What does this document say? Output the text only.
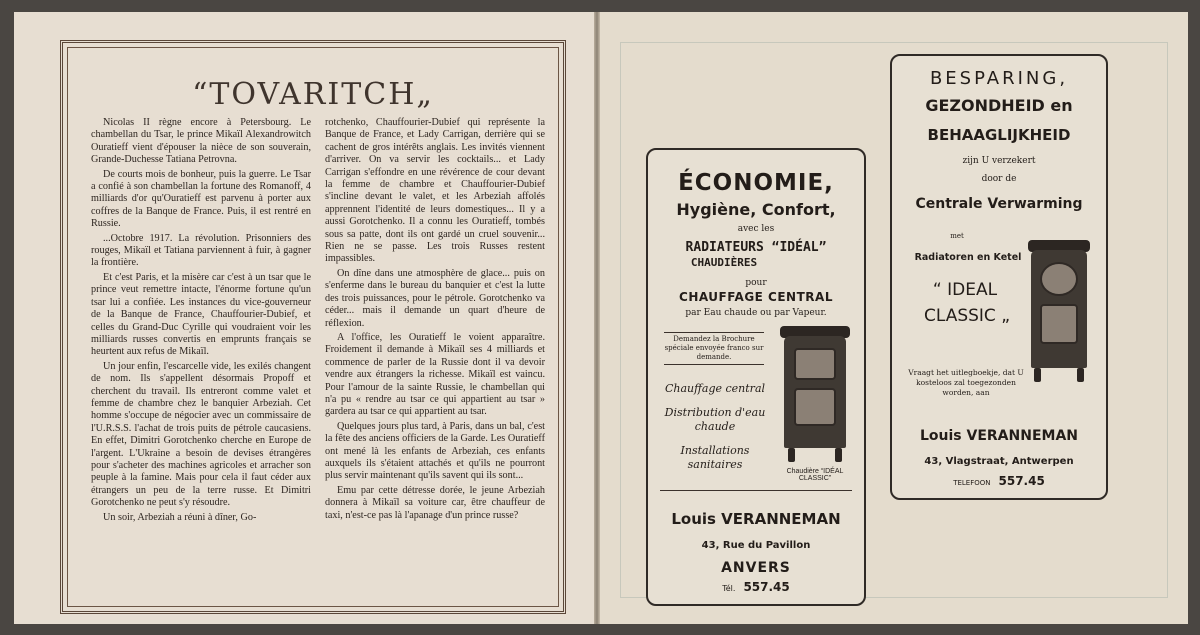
“TOVARITCH„

Nicolas II règne encore à Petersbourg. Le chambellan du Tsar, le prince Mikaïl Alexandrowitch Ouratieff vient d'épouser la nièce de son souverain, Grande-Duchesse Tatiana Petrovna.

De courts mois de bonheur, puis la guerre. Le Tsar a confié à son chambellan la fortune des Romanoff, 4 milliards d'or qu'Ouratieff est parvenu à porter aux coffres de la Banque de France. Puis, il est rentré en Russie.

...Octobre 1917. La révolution. Prisonniers des rouges, Mikaïl et Tatiana parviennent à fuir, à gagner la frontière.

Et c'est Paris, et la misère car c'est à un tsar que le prince veut remettre intacte, l'énorme fortune qu'un tsar lui a confiée. Les instances du vice-gouverneur de la Banque de France, Chauffourier-Dubief, et celles du Grand-Duc Cyrille qui voudraient voir les milliards russes convertis en emprunts français se heurtent aux refus de Mikaïl.

Un jour enfin, l'escarcelle vide, les exilés changent de nom. Ils s'appellent désormais Propoff et cherchent du travail. Ils entreront comme valet et femme de chambre chez le banquier Arbeziah. Cet homme s'occupe de négocier avec un commissaire de l'U.R.S.S. l'achat de trois puits de pétrole caucasiens. En effet, Dimitri Gorotchenko cherche en Europe de l'argent. L'Ukraine a besoin de devises étrangères pour s'acheter des machines agricoles et arracher son peuple à la famine. Mais pour cela il faut céder aux étrangers un peu de la terre russe. Et Dimitri Gorotchenko ne peut s'y résoudre.

Un soir, Arbeziah a réuni à dîner, Go-

rotchenko, Chauffourier-Dubief qui représente la Banque de France, et Lady Carrigan, derrière qui se cachent de gros intérêts anglais. Les invités viennent d'arriver. On va servir les cocktails... et Lady Carrigan s'effondre en une révérence de cour devant la femme de chambre et Chauffourier-Dubief s'incline devant le valet, et les Arbeziah affolés apprennent l'identité de leurs domestiques... Il y a aussi Gorotchenko. Il a connu les Ouratieff, tombés sous sa patte, dont ils ont gardé un cruel souvenir... Rien ne se passe. Les trois Russes restent impassibles.

On dîne dans une atmosphère de glace... puis on s'enferme dans le bureau du banquier et c'est la lutte des trois puissances, pour le pétrole. Gorotchenko va céder... mais il demande un quart d'heure de réflexion.

A l'office, les Ouratieff le voient apparaître. Froidement il demande à Mikaïl ses 4 milliards et commence de parler de la Russie dont il va devoir vendre aux étrangers la richesse. Mikaïl est vaincu. Pour l'amour de la sainte Russie, le chambellan qui n'a pu « rendre au tsar ce qui appartient au tsar » gardera au tsar ce qui appartient au tsar.

Quelques jours plus tard, à Paris, dans un bal, c'est la fête des anciens officiers de la Garde. Les Ouratieff ont mené là les enfants de Arbeziah, ces enfants auxquels ils s'étaient attachés et qu'ils ne pourront plus servir maintenant qu'ils savent qui ils sont...

Emu par cette détresse dorée, le jeune Arbeziah donnera à Mikaïl sa voiture car, être chauffeur de taxi, n'est-ce pas là l'apanage d'un prince russe?

ÉCONOMIE,
Hygiène, Confort,
avec les
RADIATEURS “IDÉAL”
CHAUDIÈRES
pour
CHAUFFAGE CENTRAL
par Eau chaude ou par Vapeur.
Demandez la Brochure spéciale envoyée franco sur demande.
Chauffage central
Distribution d'eau chaude
Installations sanitaires
Chaudière “IDÉAL CLASSIC”
Louis VERANNEMAN
43, Rue du Pavillon
ANVERS
Tél. 557.45
BESPARING,
GEZONDHEID en
BEHAAGLIJKHEID
zijn U verzekert
door de
Centrale Verwarming
met
Radiatoren en Ketel
“ IDEAL
CLASSIC „
Vraagt het uitlegboekje, dat U kosteloos zal toegezonden worden, aan
Louis VERANNEMAN
43, Vlagstraat, Antwerpen
TELEFOON 557.45
